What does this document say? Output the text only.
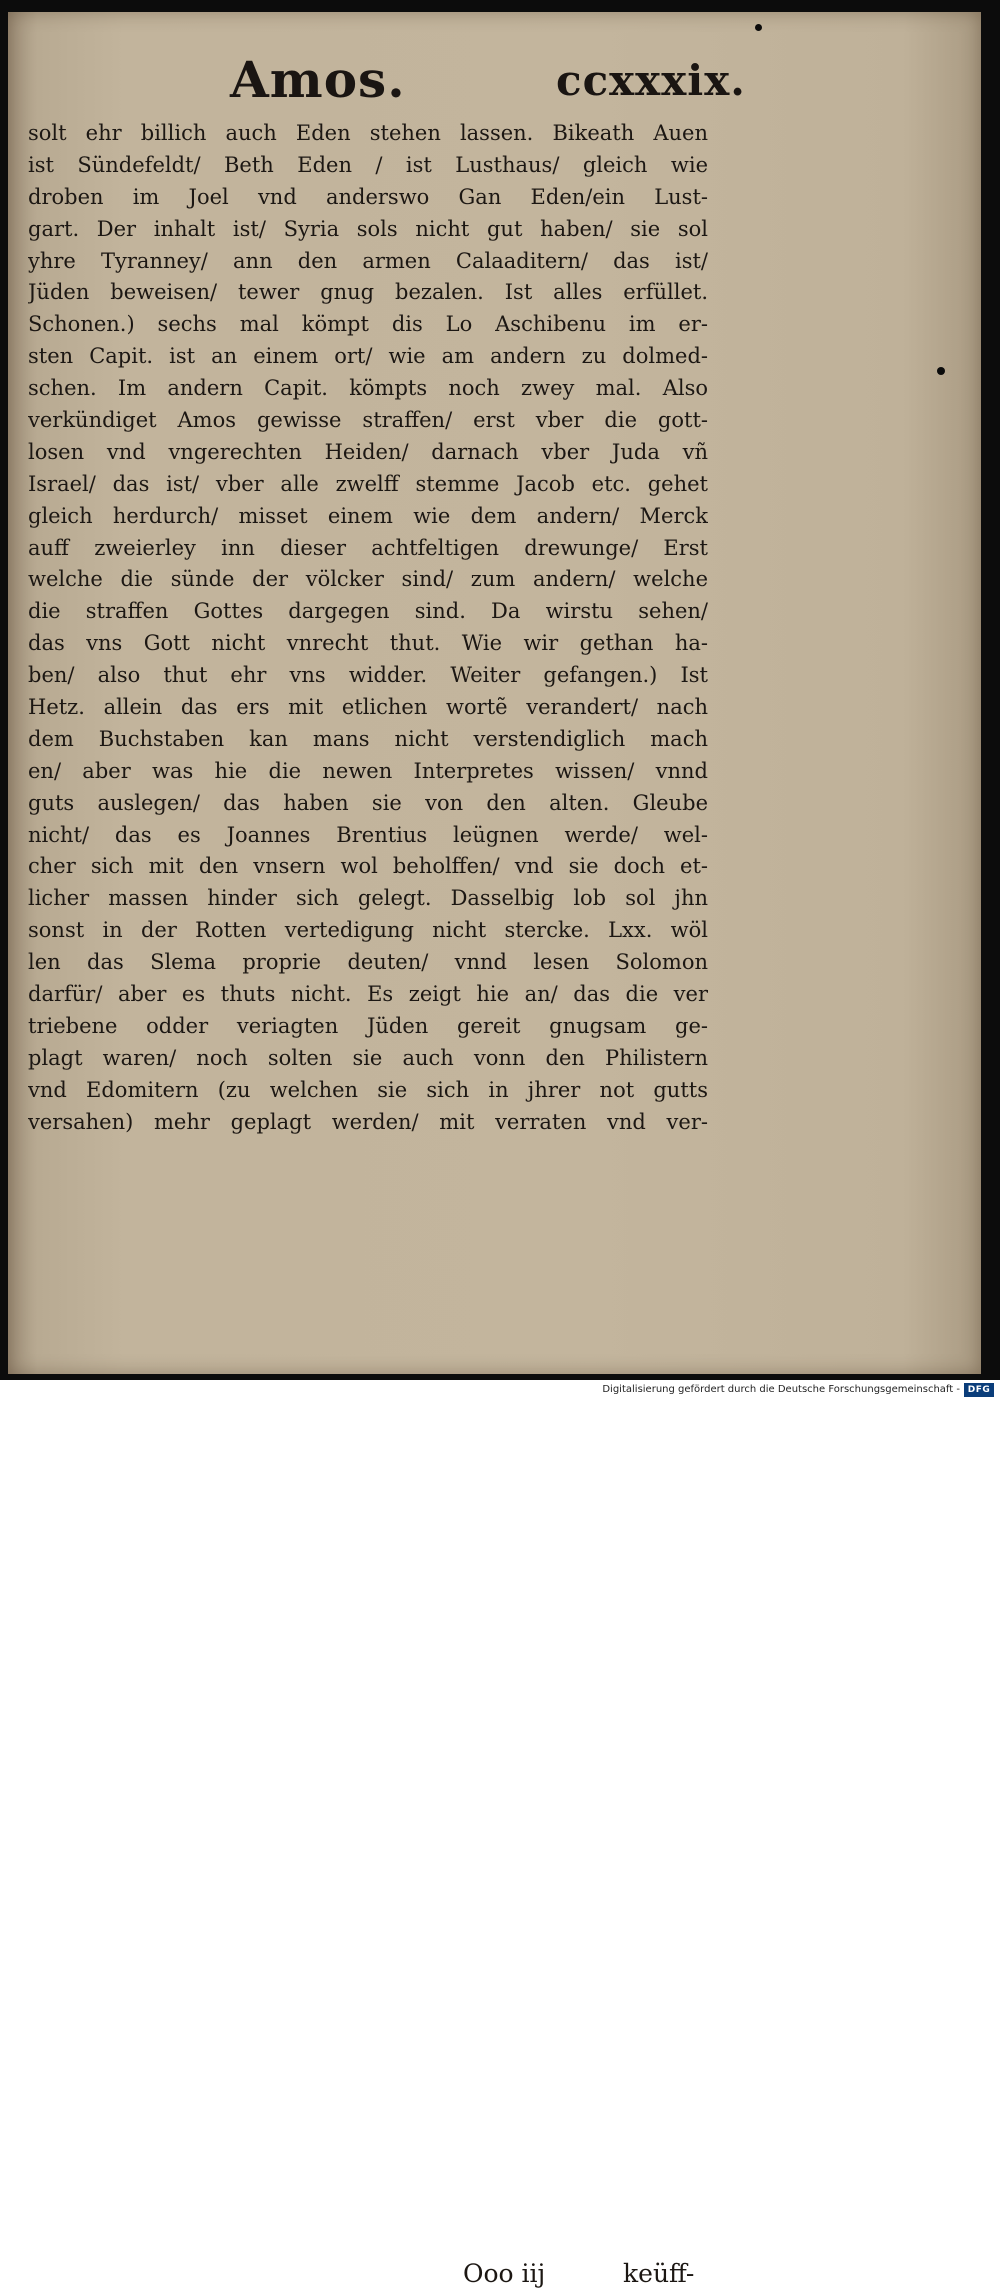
Amos.	ccxxxix.
solt ehr billich auch Eden stehen lassen. Bikeath Auen
ist Sündefeldt/ Beth Eden / ist Lusthaus/ gleich wie
droben im Joel vnd anderswo Gan Eden/ein Lust-
gart. Der inhalt ist/ Syria sols nicht gut haben/ sie sol
yhre Tyranney/ ann den armen Calaaditern/ das ist/
Jüden beweisen/ tewer gnug bezalen. Ist alles erfüllet.
Schonen.) sechs mal kömpt dis Lo Aschibenu im er-
sten Capit. ist an einem ort/ wie am andern zu dolmed-
schen. Im andern Capit. kömpts noch zwey mal. Also
verkündiget Amos gewisse straffen/ erst vber die gott-
losen vnd vngerechten Heiden/ darnach vber Juda vñ
Israel/ das ist/ vber alle zwelff stemme Jacob etc. gehet
gleich herdurch/ misset einem wie dem andern/ Merck
auff zweierley inn dieser achtfeltigen drewunge/ Erst
welche die sünde der völcker sind/ zum andern/ welche
die straffen Gottes dargegen sind. Da wirstu sehen/
das vns Gott nicht vnrecht thut. Wie wir gethan ha-
ben/ also thut ehr vns widder. Weiter gefangen.) Ist
Hetz. allein das ers mit etlichen wortẽ verandert/ nach
dem Buchstaben kan mans nicht verstendiglich mach
en/ aber was hie die newen Interpretes wissen/ vnnd
guts auslegen/ das haben sie von den alten. Gleube
nicht/ das es Joannes Brentius leügnen werde/ wel-
cher sich mit den vnsern wol beholffen/ vnd sie doch et-
licher massen hinder sich gelegt. Dasselbig lob sol jhn
sonst in der Rotten vertedigung nicht stercke. Lxx. wöl
len das Slema proprie deuten/ vnnd lesen Solomon
darfür/ aber es thuts nicht. Es zeigt hie an/ das die ver
triebene odder veriagten Jüden gereit gnugsam ge-
plagt waren/ noch solten sie auch vonn den Philistern
vnd Edomitern (zu welchen sie sich in jhrer not gutts
versahen) mehr geplagt werden/ mit verraten vnd ver-
Ooo iij	keüff-
Digitalisierung gefördert durch die Deutsche Forschungsgemeinschaft - DFG
